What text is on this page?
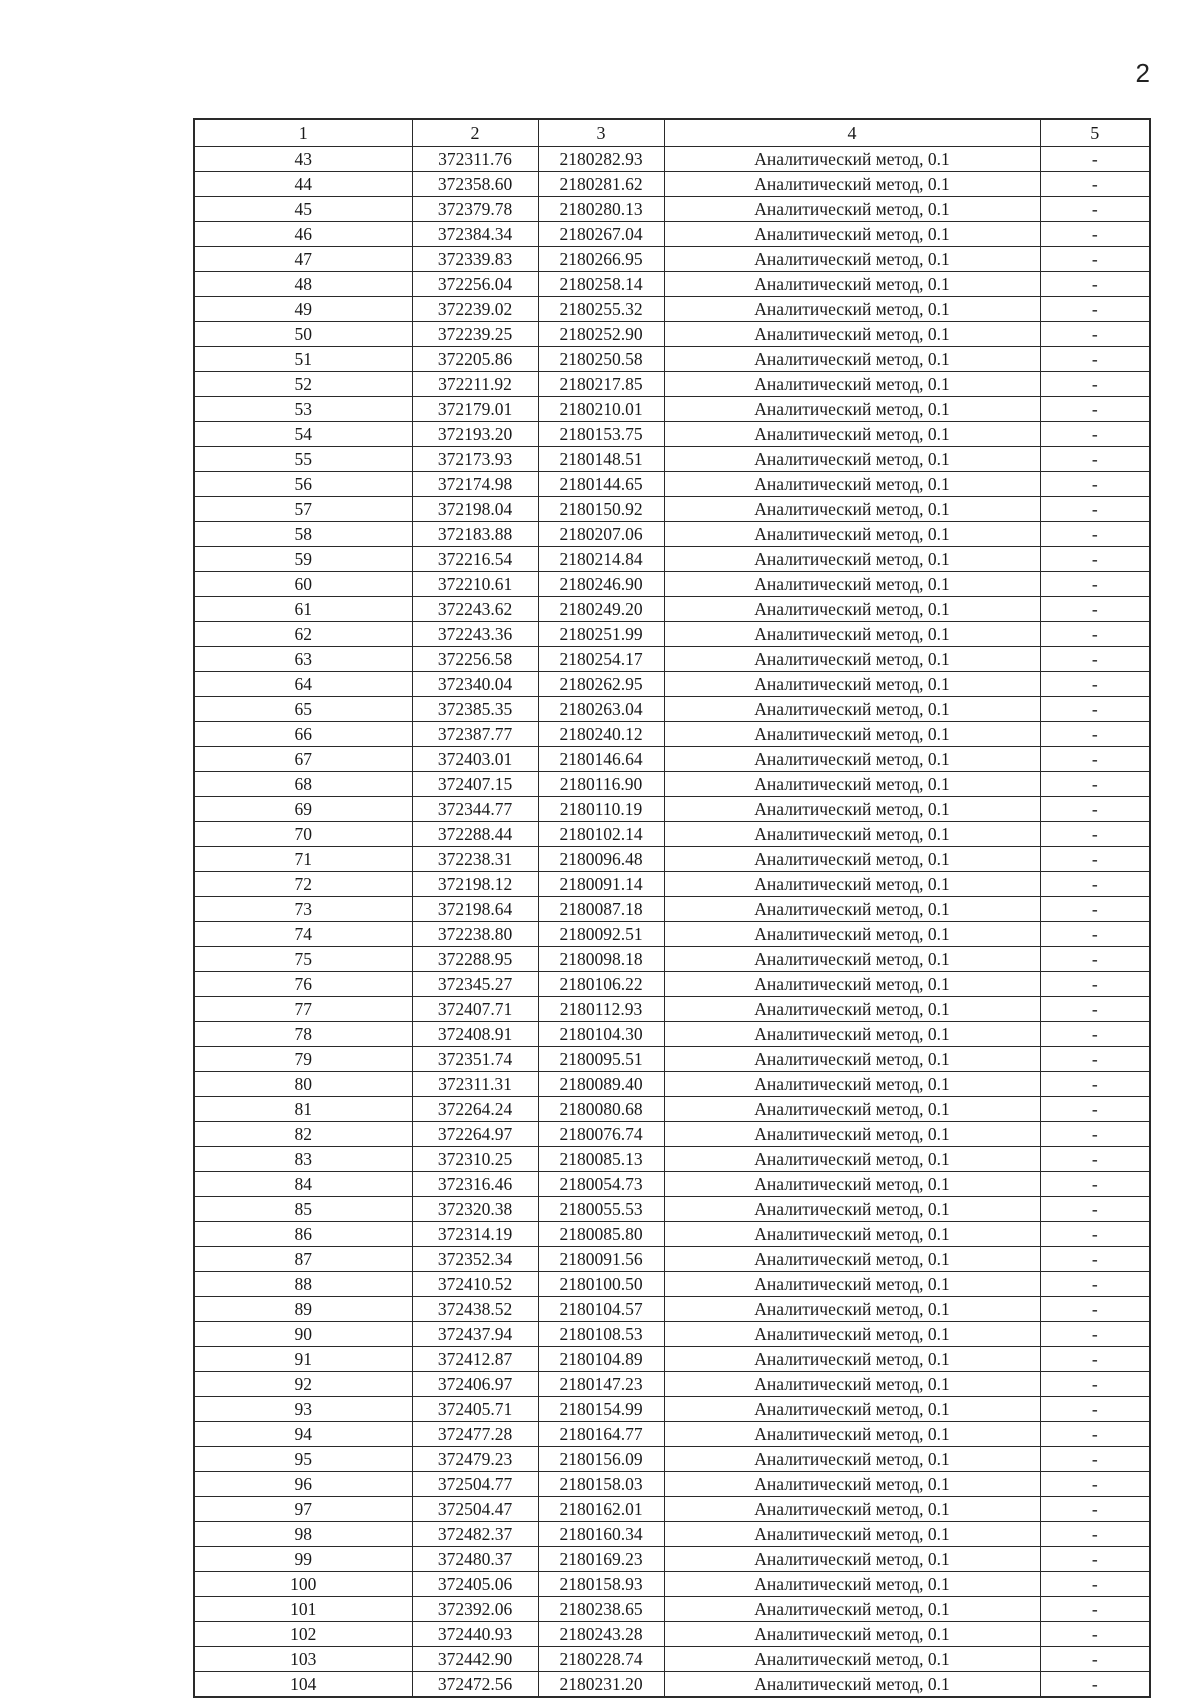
2
1	2	3	4	5
43	372311.76	2180282.93	Аналитический метод, 0.1	-
44	372358.60	2180281.62	Аналитический метод, 0.1	-
45	372379.78	2180280.13	Аналитический метод, 0.1	-
46	372384.34	2180267.04	Аналитический метод, 0.1	-
47	372339.83	2180266.95	Аналитический метод, 0.1	-
48	372256.04	2180258.14	Аналитический метод, 0.1	-
49	372239.02	2180255.32	Аналитический метод, 0.1	-
50	372239.25	2180252.90	Аналитический метод, 0.1	-
51	372205.86	2180250.58	Аналитический метод, 0.1	-
52	372211.92	2180217.85	Аналитический метод, 0.1	-
53	372179.01	2180210.01	Аналитический метод, 0.1	-
54	372193.20	2180153.75	Аналитический метод, 0.1	-
55	372173.93	2180148.51	Аналитический метод, 0.1	-
56	372174.98	2180144.65	Аналитический метод, 0.1	-
57	372198.04	2180150.92	Аналитический метод, 0.1	-
58	372183.88	2180207.06	Аналитический метод, 0.1	-
59	372216.54	2180214.84	Аналитический метод, 0.1	-
60	372210.61	2180246.90	Аналитический метод, 0.1	-
61	372243.62	2180249.20	Аналитический метод, 0.1	-
62	372243.36	2180251.99	Аналитический метод, 0.1	-
63	372256.58	2180254.17	Аналитический метод, 0.1	-
64	372340.04	2180262.95	Аналитический метод, 0.1	-
65	372385.35	2180263.04	Аналитический метод, 0.1	-
66	372387.77	2180240.12	Аналитический метод, 0.1	-
67	372403.01	2180146.64	Аналитический метод, 0.1	-
68	372407.15	2180116.90	Аналитический метод, 0.1	-
69	372344.77	2180110.19	Аналитический метод, 0.1	-
70	372288.44	2180102.14	Аналитический метод, 0.1	-
71	372238.31	2180096.48	Аналитический метод, 0.1	-
72	372198.12	2180091.14	Аналитический метод, 0.1	-
73	372198.64	2180087.18	Аналитический метод, 0.1	-
74	372238.80	2180092.51	Аналитический метод, 0.1	-
75	372288.95	2180098.18	Аналитический метод, 0.1	-
76	372345.27	2180106.22	Аналитический метод, 0.1	-
77	372407.71	2180112.93	Аналитический метод, 0.1	-
78	372408.91	2180104.30	Аналитический метод, 0.1	-
79	372351.74	2180095.51	Аналитический метод, 0.1	-
80	372311.31	2180089.40	Аналитический метод, 0.1	-
81	372264.24	2180080.68	Аналитический метод, 0.1	-
82	372264.97	2180076.74	Аналитический метод, 0.1	-
83	372310.25	2180085.13	Аналитический метод, 0.1	-
84	372316.46	2180054.73	Аналитический метод, 0.1	-
85	372320.38	2180055.53	Аналитический метод, 0.1	-
86	372314.19	2180085.80	Аналитический метод, 0.1	-
87	372352.34	2180091.56	Аналитический метод, 0.1	-
88	372410.52	2180100.50	Аналитический метод, 0.1	-
89	372438.52	2180104.57	Аналитический метод, 0.1	-
90	372437.94	2180108.53	Аналитический метод, 0.1	-
91	372412.87	2180104.89	Аналитический метод, 0.1	-
92	372406.97	2180147.23	Аналитический метод, 0.1	-
93	372405.71	2180154.99	Аналитический метод, 0.1	-
94	372477.28	2180164.77	Аналитический метод, 0.1	-
95	372479.23	2180156.09	Аналитический метод, 0.1	-
96	372504.77	2180158.03	Аналитический метод, 0.1	-
97	372504.47	2180162.01	Аналитический метод, 0.1	-
98	372482.37	2180160.34	Аналитический метод, 0.1	-
99	372480.37	2180169.23	Аналитический метод, 0.1	-
100	372405.06	2180158.93	Аналитический метод, 0.1	-
101	372392.06	2180238.65	Аналитический метод, 0.1	-
102	372440.93	2180243.28	Аналитический метод, 0.1	-
103	372442.90	2180228.74	Аналитический метод, 0.1	-
104	372472.56	2180231.20	Аналитический метод, 0.1	-
